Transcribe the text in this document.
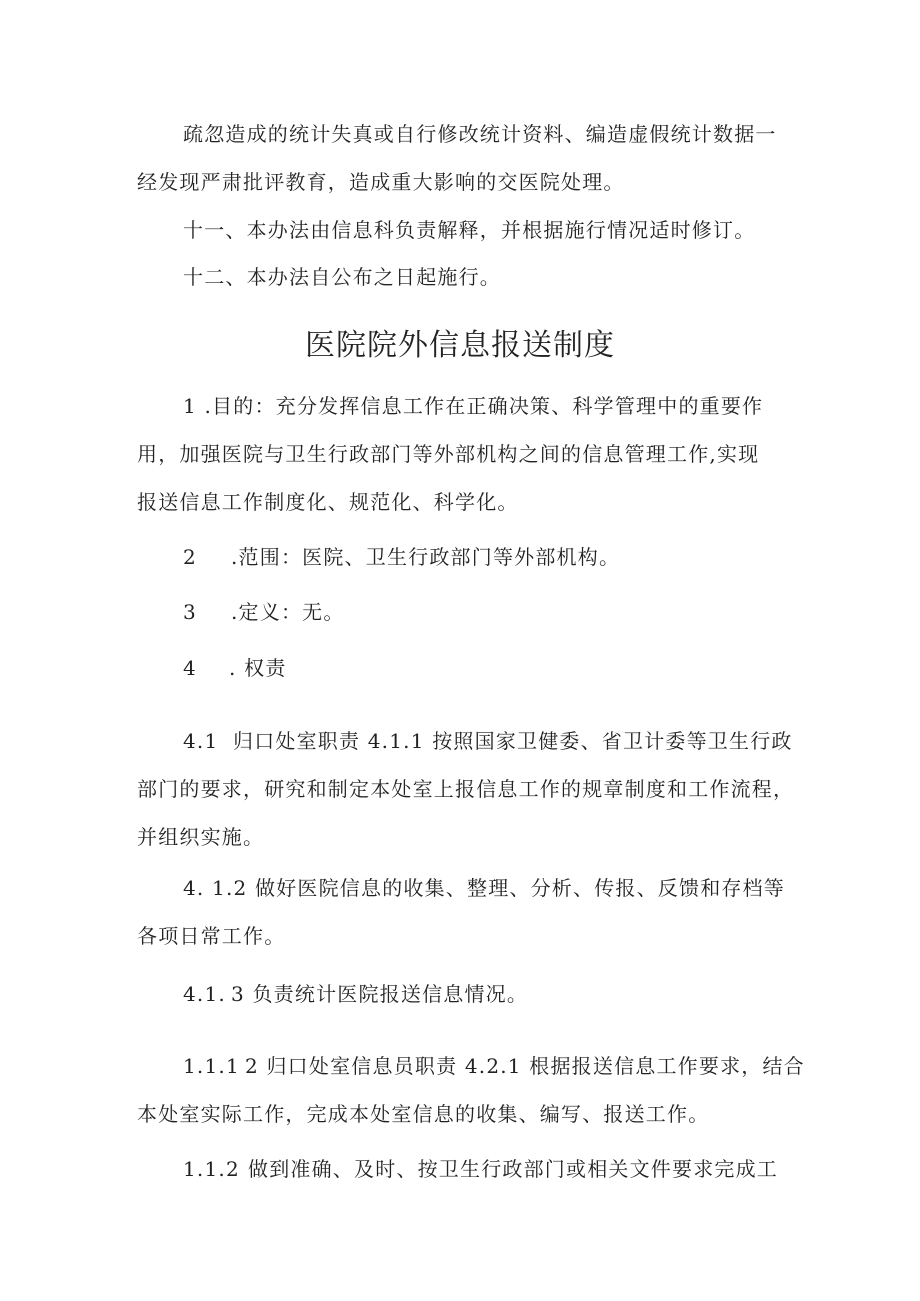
疏忽造成的统计失真或自行修改统计资料、编造虚假统计数据一
经发现严肃批评教育，造成重大影响的交医院处理。
十一、本办法由信息科负责解释，并根据施行情况适时修订。
十二、本办法自公布之日起施行。
医院院外信息报送制度
1 .目的：充分发挥信息工作在正确决策、科学管理中的重要作
用，加强医院与卫生行政部门等外部机构之间的信息管理工作,实现
报送信息工作制度化、规范化、科学化。
2 .范围：医院、卫生行政部门等外部机构。
3 .定义：无。
4 . 权责
4.1 归口处室职责 4.1.1 按照国家卫健委、省卫计委等卫生行政
部门的要求，研究和制定本处室上报信息工作的规章制度和工作流程，
并组织实施。
4. 1.2 做好医院信息的收集、整理、分析、传报、反馈和存档等
各项日常工作。
4.1. 3 负责统计医院报送信息情况。
1.1.1 2 归口处室信息员职责 4.2.1 根据报送信息工作要求，结合
本处室实际工作，完成本处室信息的收集、编写、报送工作。
1.1.2 做到准确、及时、按卫生行政部门或相关文件要求完成工
